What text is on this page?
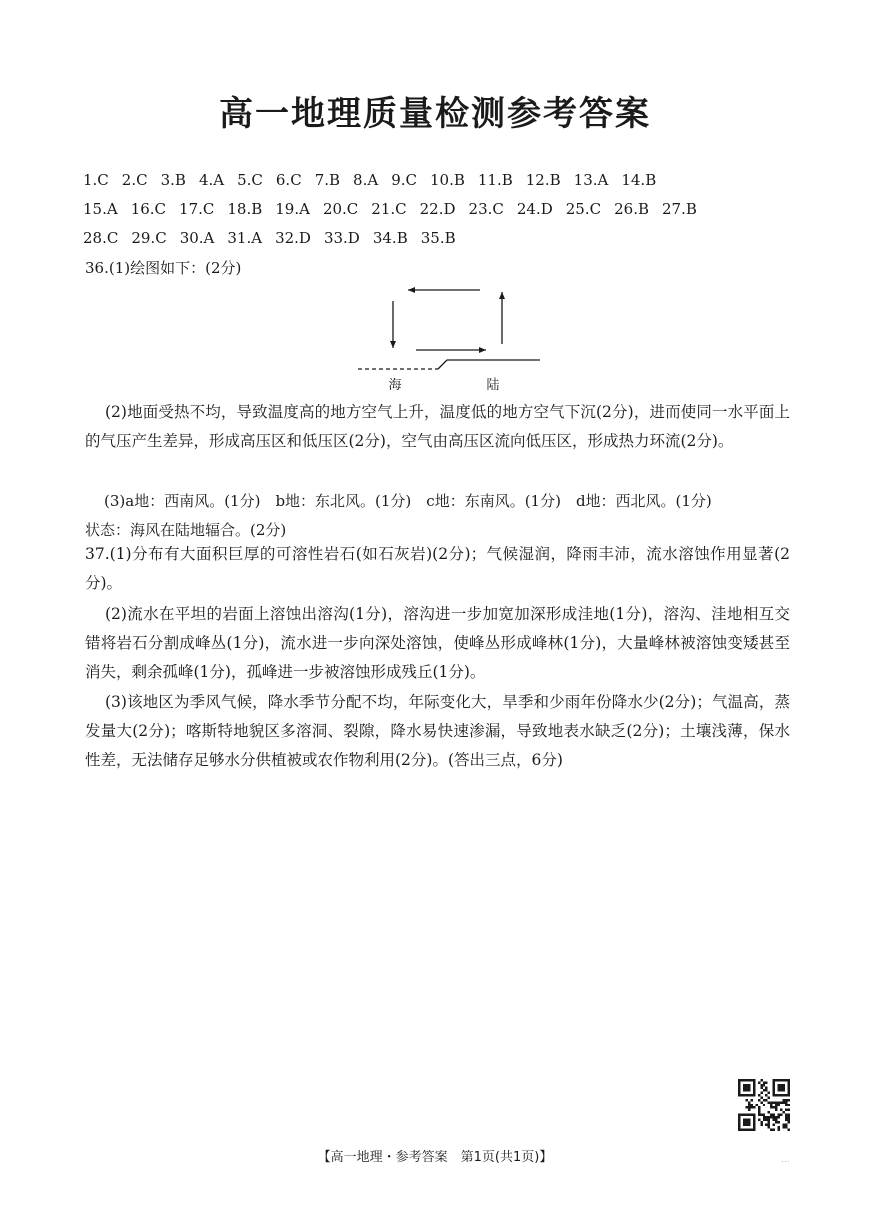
高一地理质量检测参考答案
1.C 2.C 3.B 4.A 5.C 6.C 7.B 8.A 9.C 10.B 11.B 12.B 13.A 14.B
15.A 16.C 17.C 18.B 19.A 20.C 21.C 22.D 23.C 24.D 25.C 26.B 27.B
28.C 29.C 30.A 31.A 32.D 33.D 34.B 35.B
36.(1)绘图如下：(2分)
海	陆
(2)地面受热不均，导致温度高的地方空气上升，温度低的地方空气下沉(2分)，进而使同一水平面上的气压产生差异，形成高压区和低压区(2分)，空气由高压区流向低压区，形成热力环流(2分)。
(3)a地：西南风。(1分)　b地：东北风。(1分)　c地：东南风。(1分)　d地：西北风。(1分)
状态：海风在陆地辐合。(2分)
37.(1)分布有大面积巨厚的可溶性岩石(如石灰岩)(2分)；气候湿润，降雨丰沛，流水溶蚀作用显著(2分)。
(2)流水在平坦的岩面上溶蚀出溶沟(1分)，溶沟进一步加宽加深形成洼地(1分)，溶沟、洼地相互交错将岩石分割成峰丛(1分)，流水进一步向深处溶蚀，使峰丛形成峰林(1分)，大量峰林被溶蚀变矮甚至消失，剩余孤峰(1分)，孤峰进一步被溶蚀形成残丘(1分)。
(3)该地区为季风气候，降水季节分配不均，年际变化大，旱季和少雨年份降水少(2分)；气温高，蒸发量大(2分)；喀斯特地貌区多溶洞、裂隙，降水易快速渗漏，导致地表水缺乏(2分)；土壤浅薄，保水性差，无法储存足够水分供植被或农作物利用(2分)。(答出三点，6分)
【高一地理・参考答案　第1页(共1页)】	...
